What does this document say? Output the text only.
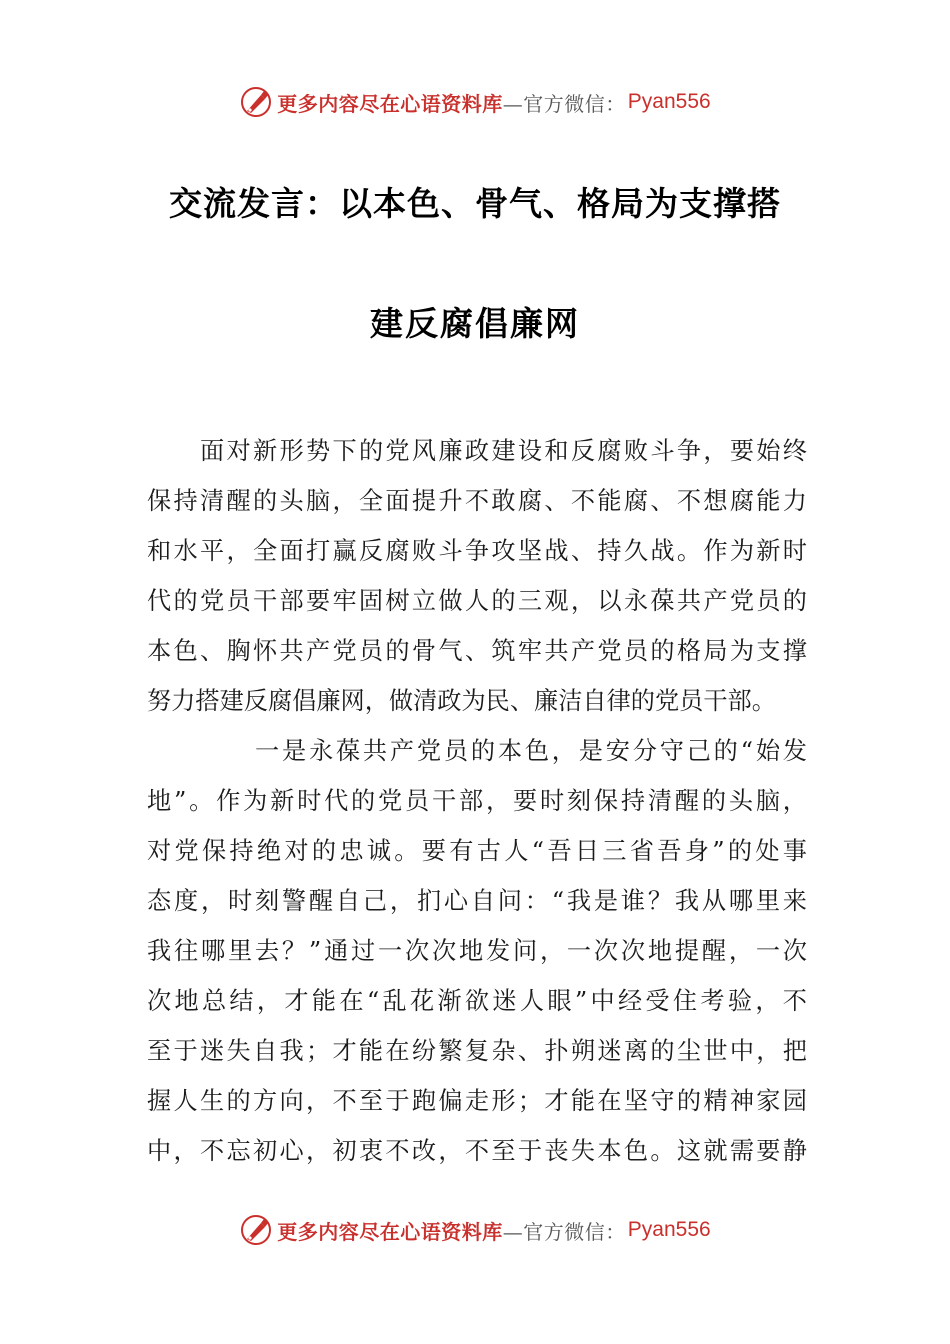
更多内容尽在心语资料库 —官方微信： Pyan556
交流发言：以本色、骨气、格局为支撑搭
建反腐倡廉网
面对新形势下的党风廉政建设和反腐败斗争，要始终
保持清醒的头脑，全面提升不敢腐、不能腐、不想腐能力
和水平，全面打赢反腐败斗争攻坚战、持久战。作为新时
代的党员干部要牢固树立做人的三观，以永葆共产党员的
本色、胸怀共产党员的骨气、筑牢共产党员的格局为支撑
努力搭建反腐倡廉网，做清政为民、廉洁自律的党员干部。
一是永葆共产党员的本色，是安分守己的“始发
地”。作为新时代的党员干部，要时刻保持清醒的头脑，
对党保持绝对的忠诚。要有古人“吾日三省吾身”的处事
态度，时刻警醒自己，扪心自问：“我是谁？我从哪里来
我往哪里去？”通过一次次地发问，一次次地提醒，一次
次地总结，才能在“乱花渐欲迷人眼”中经受住考验，不
至于迷失自我；才能在纷繁复杂、扑朔迷离的尘世中，把
握人生的方向，不至于跑偏走形；才能在坚守的精神家园
中，不忘初心，初衷不改，不至于丧失本色。这就需要静
更多内容尽在心语资料库 —官方微信： Pyan556
